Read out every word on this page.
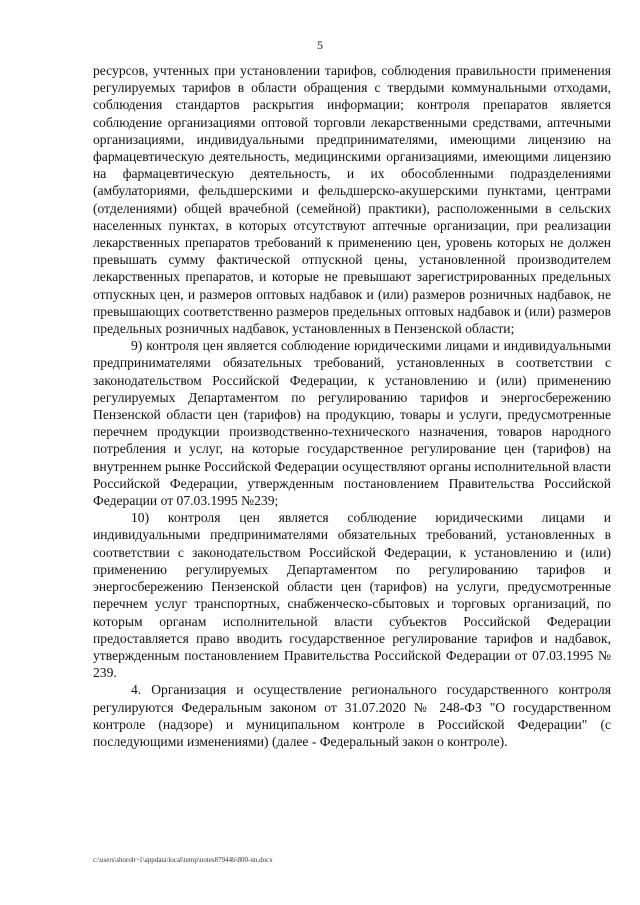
5

ресурсов, учтенных при установлении тарифов, соблюдения правильности применения регулируемых тарифов в области обращения с твердыми коммунальными отходами, соблюдения стандартов раскрытия информации; контроля препаратов является соблюдение организациями оптовой торговли лекарственными средствами, аптечными организациями, индивидуальными предпринимателями, имеющими лицензию на фармацевтическую деятельность, медицинскими организациями, имеющими лицензию на фармацевтическую деятельность, и их обособленными подразделениями (амбулаториями, фельдшерскими и фельдшерско-акушерскими пунктами, центрами (отделениями) общей врачебной (семейной) практики), расположенными в сельских населенных пунктах, в которых отсутствуют аптечные организации, при реализации лекарственных препаратов требований к применению цен, уровень которых не должен превышать сумму фактической отпускной цены, установленной производителем лекарственных препаратов, и которые не превышают зарегистрированных предельных отпускных цен, и размеров оптовых надбавок и (или) размеров розничных надбавок, не превышающих соответственно размеров предельных оптовых надбавок и (или) размеров предельных розничных надбавок, установленных в Пензенской области;

9) контроля цен является соблюдение юридическими лицами и индивидуальными предпринимателями обязательных требований, установленных в соответствии с законодательством Российской Федерации, к установлению и (или) применению регулируемых Департаментом по регулированию тарифов и энергосбережению Пензенской области цен (тарифов) на продукцию, товары и услуги, предусмотренные перечнем продукции производственно-технического назначения, товаров народного потребления и услуг, на которые государственное регулирование цен (тарифов) на внутреннем рынке Российской Федерации осуществляют органы исполнительной власти Российской Федерации, утвержденным постановлением Правительства Российской Федерации от 07.03.1995 №239;

10) контроля цен является соблюдение юридическими лицами и индивидуальными предпринимателями обязательных требований, установленных в соответствии с законодательством Российской Федерации, к установлению и (или) применению регулируемых Департаментом по регулированию тарифов и энергосбережению Пензенской области цен (тарифов) на услуги, предусмотренные перечнем услуг транспортных, снабженческо-сбытовых и торговых организаций, по которым органам исполнительной власти субъектов Российской Федерации предоставляется право вводить государственное регулирование тарифов и надбавок, утвержденным постановлением Правительства Российской Федерации от 07.03.1995 № 239.

4. Организация и осуществление регионального государственного контроля регулируются Федеральным законом от 31.07.2020 № 248-ФЗ "О государственном контроле (надзоре) и муниципальном контроле в Российской Федерации" (с последующими изменениями) (далее - Федеральный закон о контроле).

c:\users\shoroh~1\appdata\local\temp\notes87944b\800-nn.docx
